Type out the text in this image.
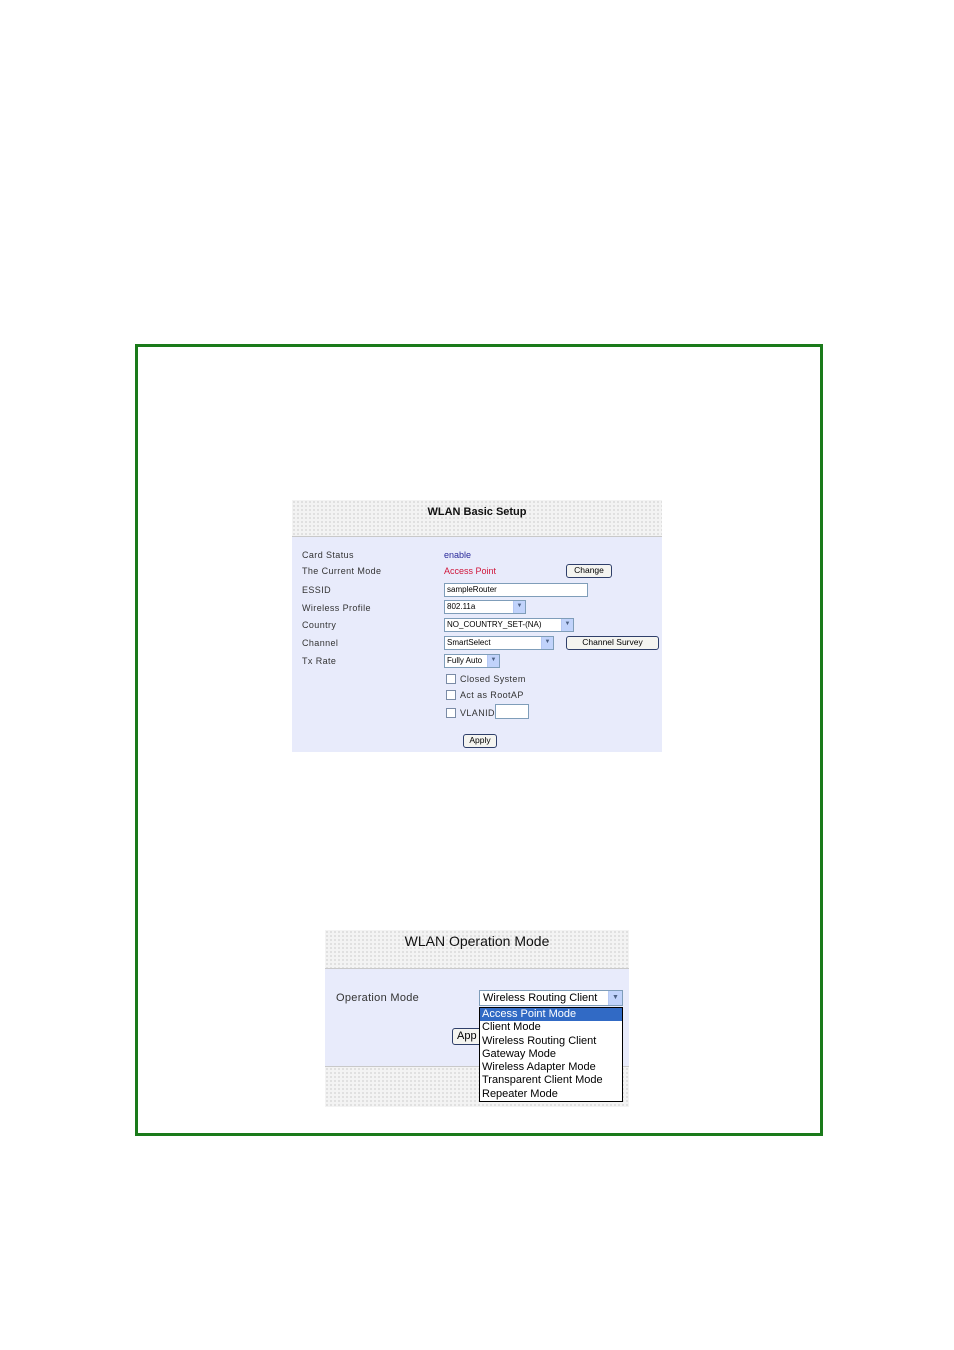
WLAN Basic Setup
Card Status	enable
The Current Mode	Access Point	Change
ESSID	sampleRouter
Wireless Profile	802.11a	▼
Country	NO_COUNTRY_SET-(NA)	▼
Channel	SmartSelect	▼	Channel Survey
Tx Rate	Fully Auto	▼
Closed System
Act as RootAP
VLANID
Apply
WLAN Operation Mode
Operation Mode	Wireless Routing Client	▼
App
Access Point Mode
Client Mode
Wireless Routing Client
Gateway Mode
Wireless Adapter Mode
Transparent Client Mode
Repeater Mode
